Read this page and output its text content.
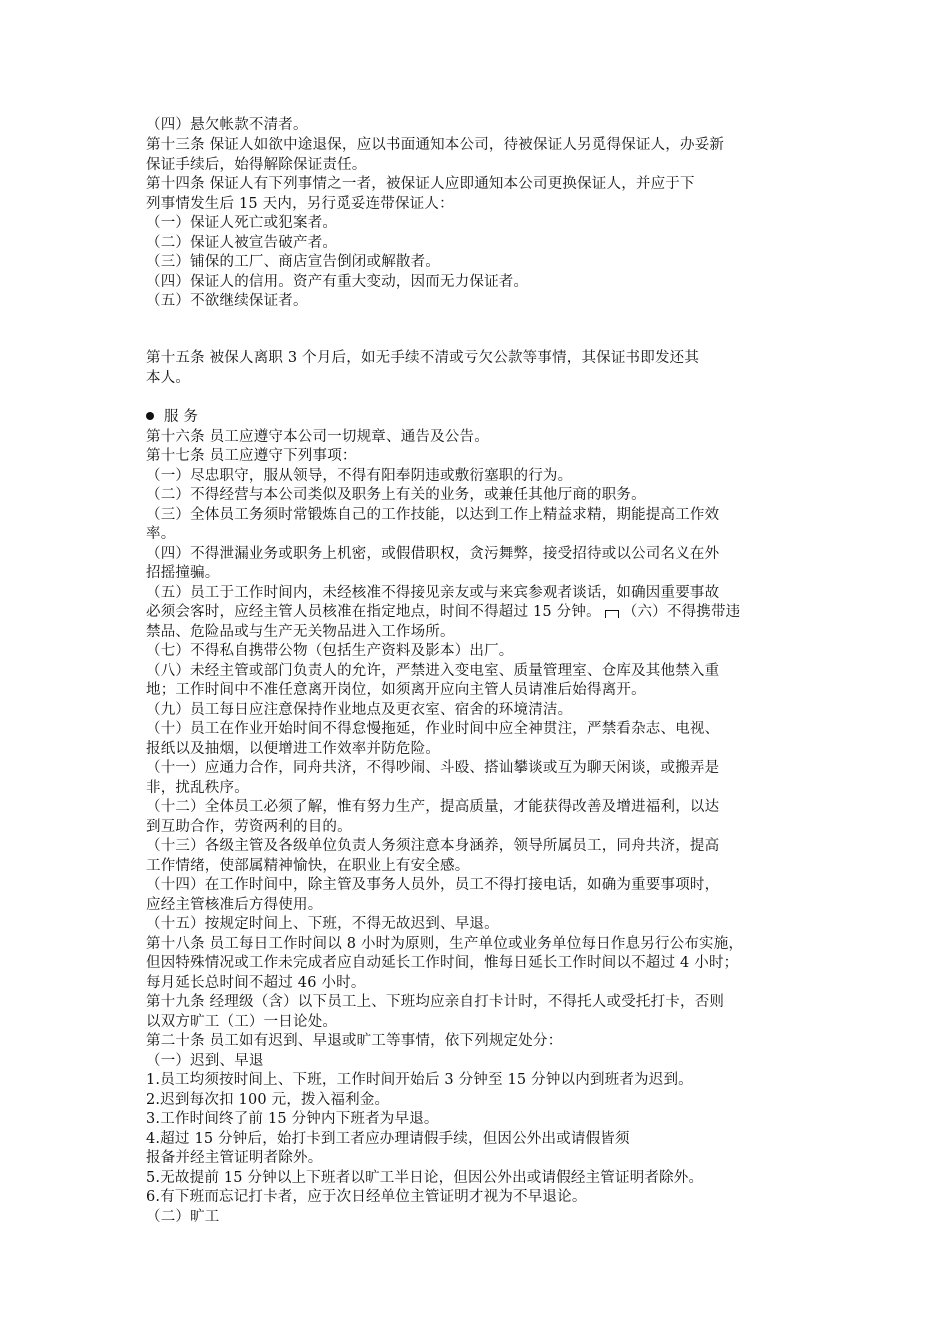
（四）悬欠帐款不清者。
第十三条 保证人如欲中途退保，应以书面通知本公司，待被保证人另觅得保证人，办妥新
保证手续后，始得解除保证责任。
第十四条 保证人有下列事情之一者，被保证人应即通知本公司更换保证人，并应于下
列事情发生后 15 天内，另行觅妥连带保证人：
（一）保证人死亡或犯案者。
（二）保证人被宣告破产者。
（三）铺保的工厂、商店宣告倒闭或解散者。
（四）保证人的信用。资产有重大变动，因而无力保证者。
（五）不欲继续保证者。
第十五条 被保人离职 3 个月后，如无手续不清或亏欠公款等事情，其保证书即发还其
本人。
服 务
第十六条 员工应遵守本公司一切规章、通告及公告。
第十七条 员工应遵守下列事项：
（一）尽忠职守，服从领导，不得有阳奉阴违或敷衍塞职的行为。
（二）不得经营与本公司类似及职务上有关的业务，或兼任其他厅商的职务。
（三）全体员工务须时常锻炼自己的工作技能，以达到工作上精益求精，期能提高工作效
率。
（四）不得泄漏业务或职务上机密，或假借职权，贪污舞弊，接受招待或以公司名义在外
招摇撞骗。
（五）员工于工作时间内，未经核准不得接见亲友或与来宾参观者谈话，如确因重要事故
必须会客时，应经主管人员核准在指定地点，时间不得超过 15 分钟。 （六）不得携带违
禁品、危险品或与生产无关物品进入工作场所。
（七）不得私自携带公物（包括生产资料及影本）出厂。
（八）未经主管或部门负责人的允许，严禁进入变电室、质量管理室、仓库及其他禁入重
地；工作时间中不准任意离开岗位，如须离开应向主管人员请准后始得离开。
（九）员工每日应注意保持作业地点及更衣室、宿舍的环境清洁。
（十）员工在作业开始时间不得怠慢拖延，作业时间中应全神贯注，严禁看杂志、电视、
报纸以及抽烟，以便增进工作效率并防危险。
（十一）应通力合作，同舟共济，不得吵闹、斗殴、搭讪攀谈或互为聊天闲谈，或搬弄是
非，扰乱秩序。
（十二）全体员工必须了解，惟有努力生产，提高质量，才能获得改善及增进福利，以达
到互助合作，劳资两利的目的。
（十三）各级主管及各级单位负责人务须注意本身涵养，领导所属员工，同舟共济，提高
工作情绪，使部属精神愉快，在职业上有安全感。
（十四）在工作时间中，除主管及事务人员外，员工不得打接电话，如确为重要事项时，
应经主管核准后方得使用。
（十五）按规定时间上、下班，不得无故迟到、早退。
第十八条 员工每日工作时间以 8 小时为原则，生产单位或业务单位每日作息另行公布实施，
但因特殊情况或工作未完成者应自动延长工作时间，惟每日延长工作时间以不超过 4 小时；
每月延长总时间不超过 46 小时。
第十九条 经理级（含）以下员工上、下班均应亲自打卡计时，不得托人或受托打卡，否则
以双方旷工（工）一日论处。
第二十条 员工如有迟到、早退或旷工等事情，依下列规定处分：
（一）迟到、早退
1.员工均须按时间上、下班，工作时间开始后 3 分钟至 15 分钟以内到班者为迟到。
2.迟到每次扣 100 元，拨入福利金。
3.工作时间终了前 15 分钟内下班者为早退。
4.超过 15 分钟后，始打卡到工者应办理请假手续，但因公外出或请假皆须
报备并经主管证明者除外。
5.无故提前 15 分钟以上下班者以旷工半日论，但因公外出或请假经主管证明者除外。
6.有下班而忘记打卡者，应于次日经单位主管证明才视为不早退论。
（二）旷工
